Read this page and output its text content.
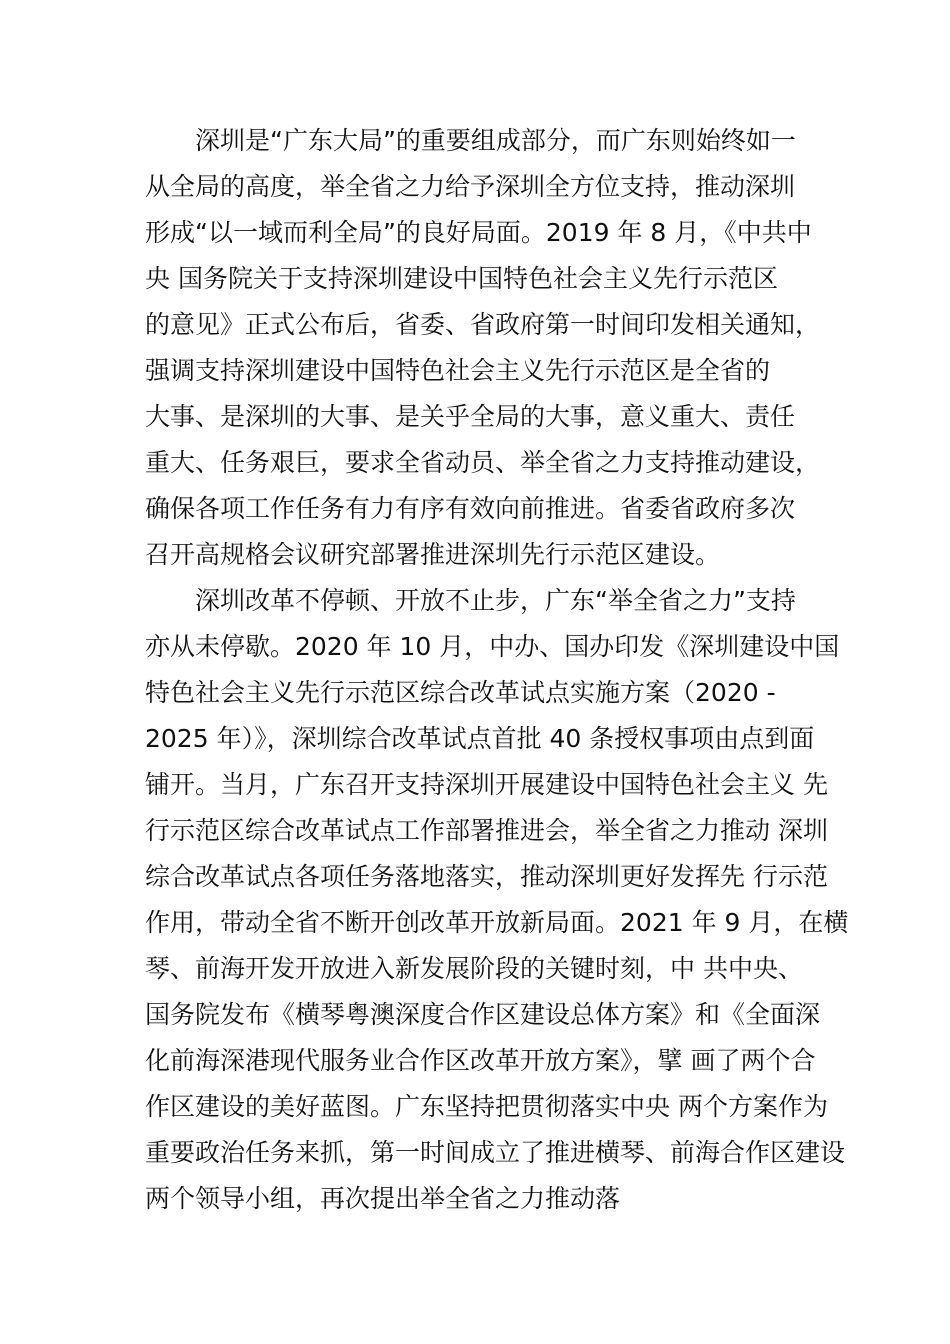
深圳是“广东大局”的重要组成部分，而广东则始终如一
从全局的高度，举全省之力给予深圳全方位支持，推动深圳
形成“以一域而利全局”的良好局面。2019 年 8 月，《中共中
央 国务院关于支持深圳建设中国特色社会主义先行示范区
的意见》正式公布后，省委、省政府第一时间印发相关通知，
强调支持深圳建设中国特色社会主义先行示范区是全省的
大事、是深圳的大事、是关乎全局的大事，意义重大、责任
重大、任务艰巨，要求全省动员、举全省之力支持推动建设，
确保各项工作任务有力有序有效向前推进。省委省政府多次
召开高规格会议研究部署推进深圳先行示范区建设。
深圳改革不停顿、开放不止步，广东“举全省之力”支持
亦从未停歇。2020 年 10 月，中办、国办印发《深圳建设中国
特色社会主义先行示范区综合改革试点实施方案（2020 -
2025 年）》，深圳综合改革试点首批 40 条授权事项由点到面
铺开。当月，广东召开支持深圳开展建设中国特色社会主义 先
行示范区综合改革试点工作部署推进会，举全省之力推动 深圳
综合改革试点各项任务落地落实，推动深圳更好发挥先 行示范
作用，带动全省不断开创改革开放新局面。2021 年 9 月，在横
琴、前海开发开放进入新发展阶段的关键时刻，中 共中央、
国务院发布《横琴粤澳深度合作区建设总体方案》和《全面深
化前海深港现代服务业合作区改革开放方案》，擘 画了两个合
作区建设的美好蓝图。广东坚持把贯彻落实中央 两个方案作为
重要政治任务来抓，第一时间成立了推进横琴、前海合作区建设
两个领导小组，再次提出举全省之力推动落
